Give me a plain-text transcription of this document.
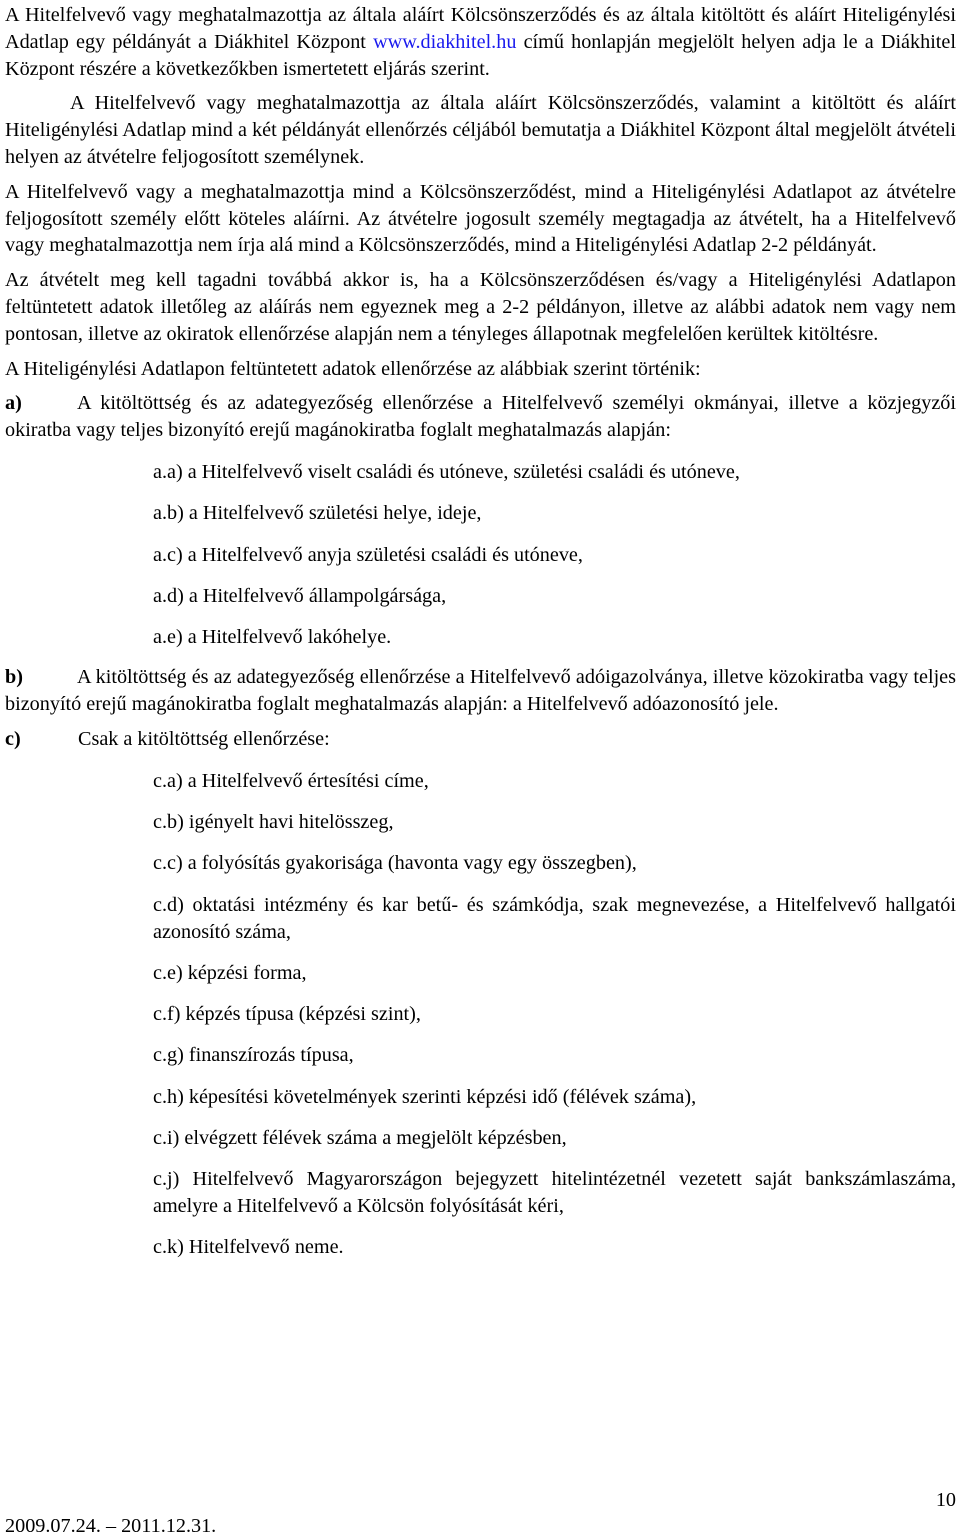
A Hitelfelvevő vagy meghatalmazottja az általa aláírt Kölcsönszerződés és az általa kitöltött és aláírt Hiteligénylési Adatlap egy példányát a Diákhitel Központ www.diakhitel.hu című honlapján megjelölt helyen adja le a Diákhitel Központ részére a következőkben ismertetett eljárás szerint.

A Hitelfelvevő vagy meghatalmazottja az általa aláírt Kölcsönszerződés, valamint a kitöltött és aláírt Hiteligénylési Adatlap mind a két példányát ellenőrzés céljából bemutatja a Diákhitel Központ által megjelölt átvételi helyen az átvételre feljogosított személynek.

A Hitelfelvevő vagy a meghatalmazottja mind a Kölcsönszerződést, mind a Hiteligénylési Adatlapot az átvételre feljogosított személy előtt köteles aláírni. Az átvételre jogosult személy megtagadja az átvételt, ha a Hitelfelvevő vagy meghatalmazottja nem írja alá mind a Kölcsönszerződés, mind a Hiteligénylési Adatlap 2-2 példányát.

Az átvételt meg kell tagadni továbbá akkor is, ha a Kölcsönszerződésen és/vagy a Hiteligénylési Adatlapon feltüntetett adatok illetőleg az aláírás nem egyeznek meg a 2-2 példányon, illetve az alábbi adatok nem vagy nem pontosan, illetve az okiratok ellenőrzése alapján nem a tényleges állapotnak megfelelően kerültek kitöltésre.

A Hiteligénylési Adatlapon feltüntetett adatok ellenőrzése az alábbiak szerint történik:

a)	A kitöltöttség és az adategyezőség ellenőrzése a Hitelfelvevő személyi okmányai, illetve a közjegyzői okiratba vagy teljes bizonyító erejű magánokiratba foglalt meghatalmazás alapján:

a.a) a Hitelfelvevő viselt családi és utóneve, születési családi és utóneve,

a.b) a Hitelfelvevő születési helye, ideje,

a.c) a Hitelfelvevő anyja születési családi és utóneve,

a.d) a Hitelfelvevő állampolgársága,

a.e) a Hitelfelvevő lakóhelye.

b)	A kitöltöttség és az adategyezőség ellenőrzése a Hitelfelvevő adóigazolványa, illetve közokiratba vagy teljes bizonyító erejű magánokiratba foglalt meghatalmazás alapján: a Hitelfelvevő adóazonosító jele.

c)	Csak a kitöltöttség ellenőrzése:

c.a) a Hitelfelvevő értesítési címe,

c.b) igényelt havi hitelösszeg,

c.c) a folyósítás gyakorisága (havonta vagy egy összegben),

c.d) oktatási intézmény és kar betű- és számkódja, szak megnevezése, a Hitelfelvevő hallgatói azonosító száma,

c.e) képzési forma,

c.f) képzés típusa (képzési szint),

c.g) finanszírozás típusa,

c.h) képesítési követelmények szerinti képzési idő (félévek száma),

c.i) elvégzett félévek száma a megjelölt képzésben,

c.j) Hitelfelvevő Magyarországon bejegyzett hitelintézetnél vezetett saját bankszámlaszáma, amelyre a Hitelfelvevő a Kölcsön folyósítását kéri,

c.k) Hitelfelvevő neme.

10
2009.07.24. – 2011.12.31.
